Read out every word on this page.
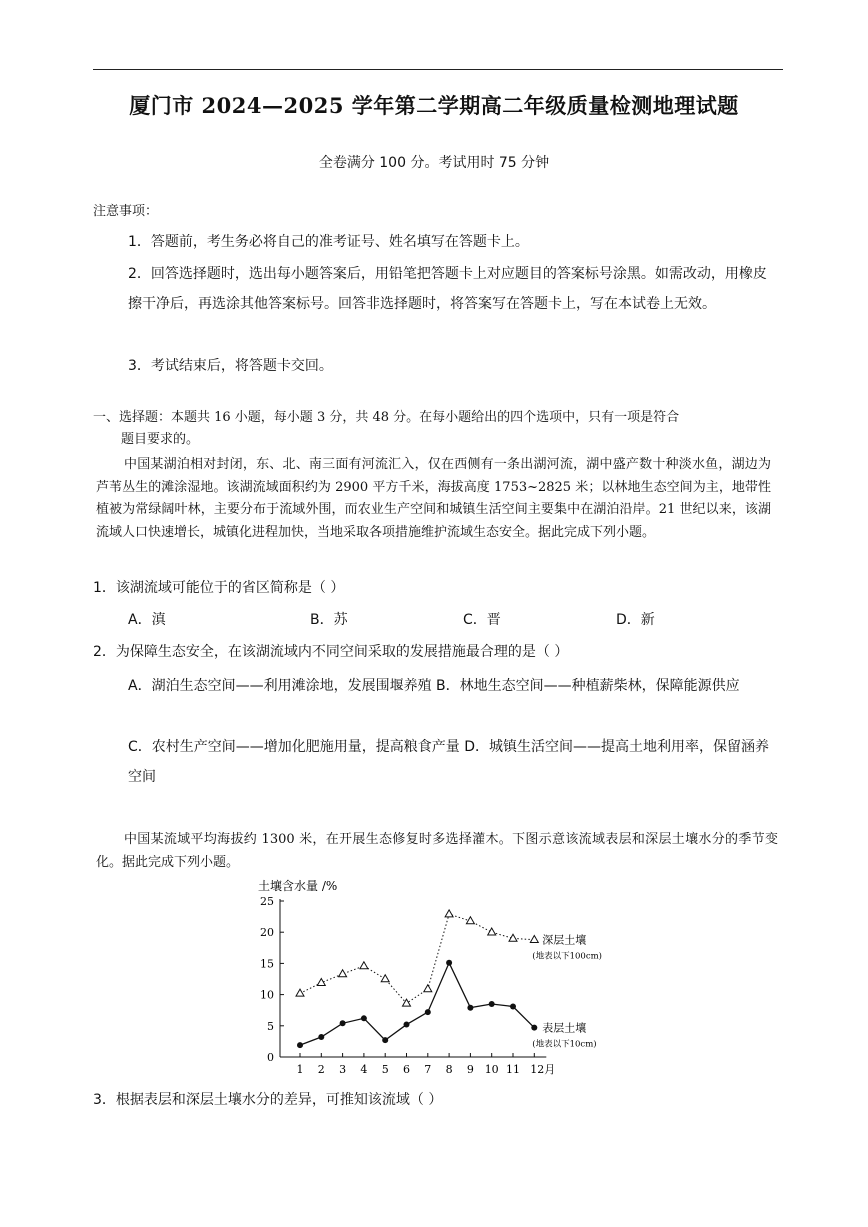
厦门市 2024—2025 学年第二学期高二年级质量检测地理试题
全卷满分 100 分。考试用时 75 分钟
注意事项：
1．答题前，考生务必将自己的准考证号、姓名填写在答题卡上。
2．回答选择题时，选出每小题答案后，用铅笔把答题卡上对应题目的答案标号涂黑。如需改动，用橡皮擦干净后，再选涂其他答案标号。回答非选择题时，将答案写在答题卡上，写在本试卷上无效。
3．考试结束后，将答题卡交回。
一、选择题：本题共 16 小题，每小题 3 分，共 48 分。在每小题给出的四个选项中，只有一项是符合
题目要求的。
中国某湖泊相对封闭，东、北、南三面有河流汇入，仅在西侧有一条出湖河流，湖中盛产数十种淡水鱼，湖边为芦苇丛生的滩涂湿地。该湖流域面积约为 2900 平方千米，海拔高度 1753~2825 米；以林地生态空间为主，地带性植被为常绿阔叶林，主要分布于流域外围，而农业生产空间和城镇生活空间主要集中在湖泊沿岸。21 世纪以来，该湖流域人口快速增长，城镇化进程加快，当地采取各项措施维护流域生态安全。据此完成下列小题。
1．该湖流域可能位于的省区简称是（ ）
A．滇	B．苏	C．晋	D．新
2．为保障生态安全，在该湖流域内不同空间采取的发展措施最合理的是（ ）
A．湖泊生态空间——利用滩涂地，发展围堰养殖 B．林地生态空间——种植薪柴林，保障能源供应
C．农村生产空间——增加化肥施用量，提高粮食产量 D．城镇生活空间——提高土地利用率，保留涵养空间
中国某流域平均海拔约 1300 米，在开展生态修复时多选择灌木。下图示意该流域表层和深层土壤水分的季节变化。据此完成下列小题。
土壤含水量 /%
0
5
10
15
20
25
1 2 3 4 5 6 7 8 9 10 11 12月
深层土壤
(地表以下100cm)
表层土壤
(地表以下10cm)
3．根据表层和深层土壤水分的差异，可推知该流域（ ）
